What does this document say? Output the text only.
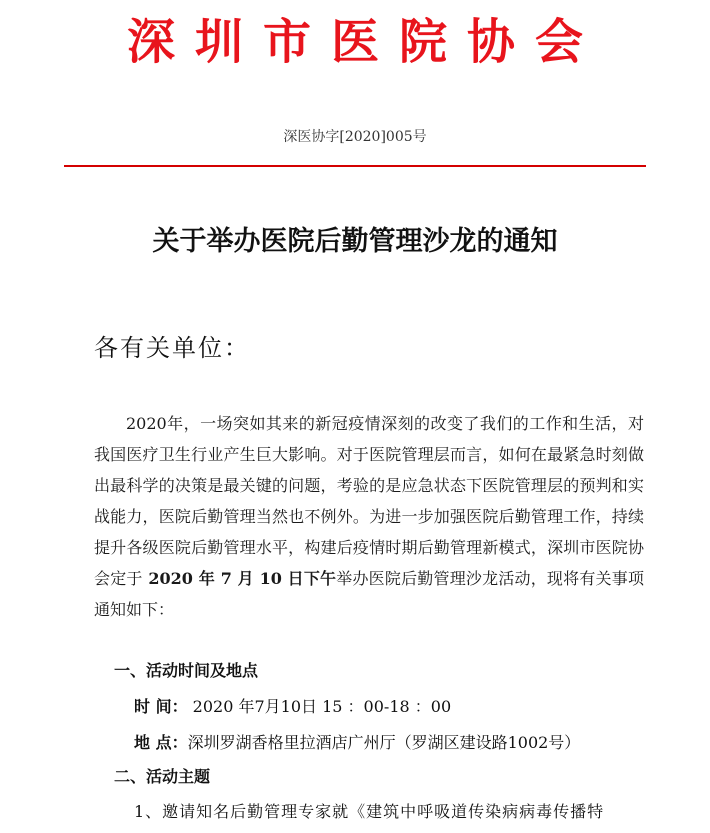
深圳市医院协会
深医协字[2020]005号
关于举办医院后勤管理沙龙的通知
各有关单位：
2020年，一场突如其来的新冠疫情深刻的改变了我们的工作和生活，对我国医疗卫生行业产生巨大影响。对于医院管理层而言，如何在最紧急时刻做出最科学的决策是最关键的问题，考验的是应急状态下医院管理层的预判和实战能力，医院后勤管理当然也不例外。为进一步加强医院后勤管理工作，持续提升各级医院后勤管理水平，构建后疫情时期后勤管理新模式，深圳市医院协会定于 2020 年 7 月 10 日下午举办医院后勤管理沙龙活动，现将有关事项通知如下：
一、活动时间及地点
时 间： 2020 年7月10日 15 ：00-18 ：00
地 点：深圳罗湖香格里拉酒店广州厅（罗湖区建设路1002号）
二、活动主题
1、邀请知名后勤管理专家就《建筑中呼吸道传染病病毒传播特
